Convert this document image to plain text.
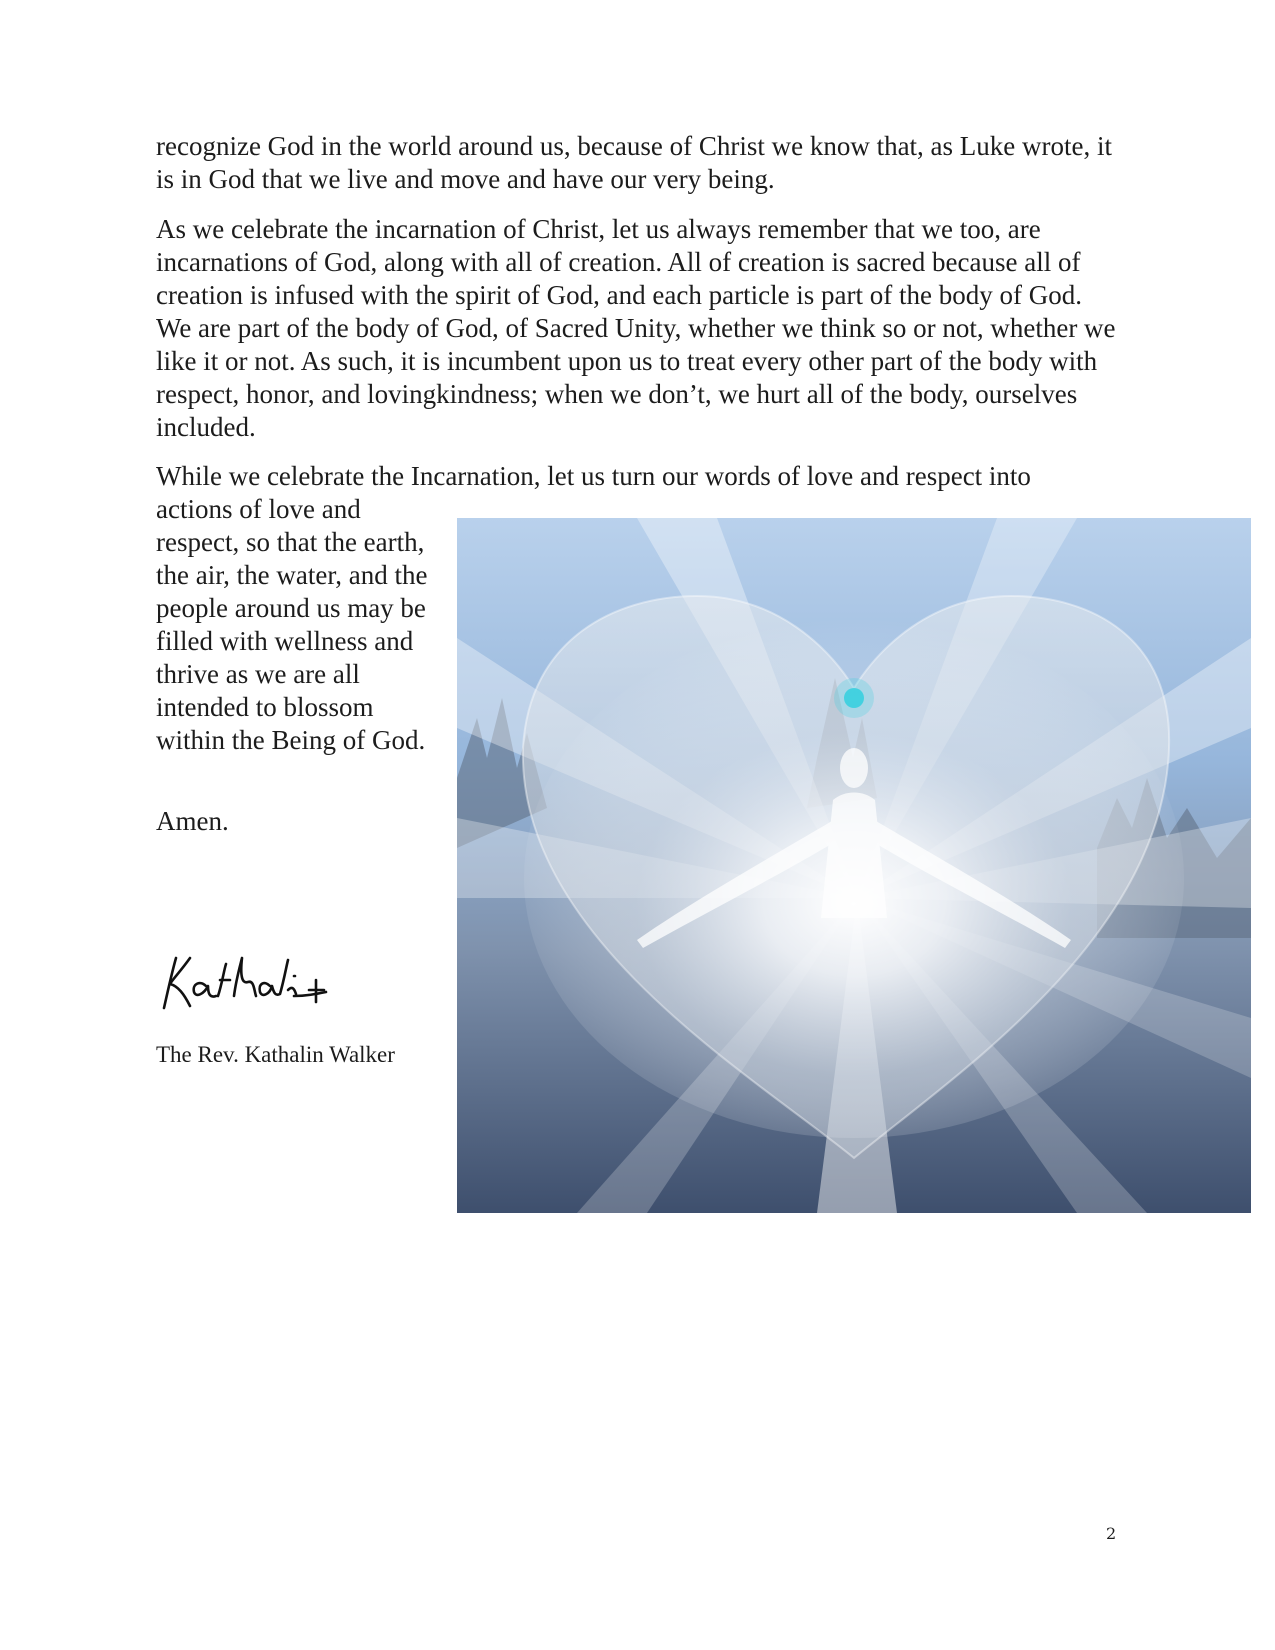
recognize God in the world around us, because of Christ we know that, as Luke wrote, it is in God that we live and move and have our very being.

As we celebrate the incarnation of Christ, let us always remember that we too, are incarnations of God, along with all of creation. All of creation is sacred because all of creation is infused with the spirit of God, and each particle is part of the body of God. We are part of the body of God, of Sacred Unity, whether we think so or not, whether we like it or not. As such, it is incumbent upon us to treat every other part of the body with respect, honor, and lovingkindness; when we don’t, we hurt all of the body, ourselves included.

While we celebrate the Incarnation, let us turn our words of love and respect into

actions of love and respect, so that the earth, the air, the water, and the people around us may be filled with wellness and thrive as we are all intended to blossom within the Being of God.

Amen.

The Rev. Kathalin Walker

2
